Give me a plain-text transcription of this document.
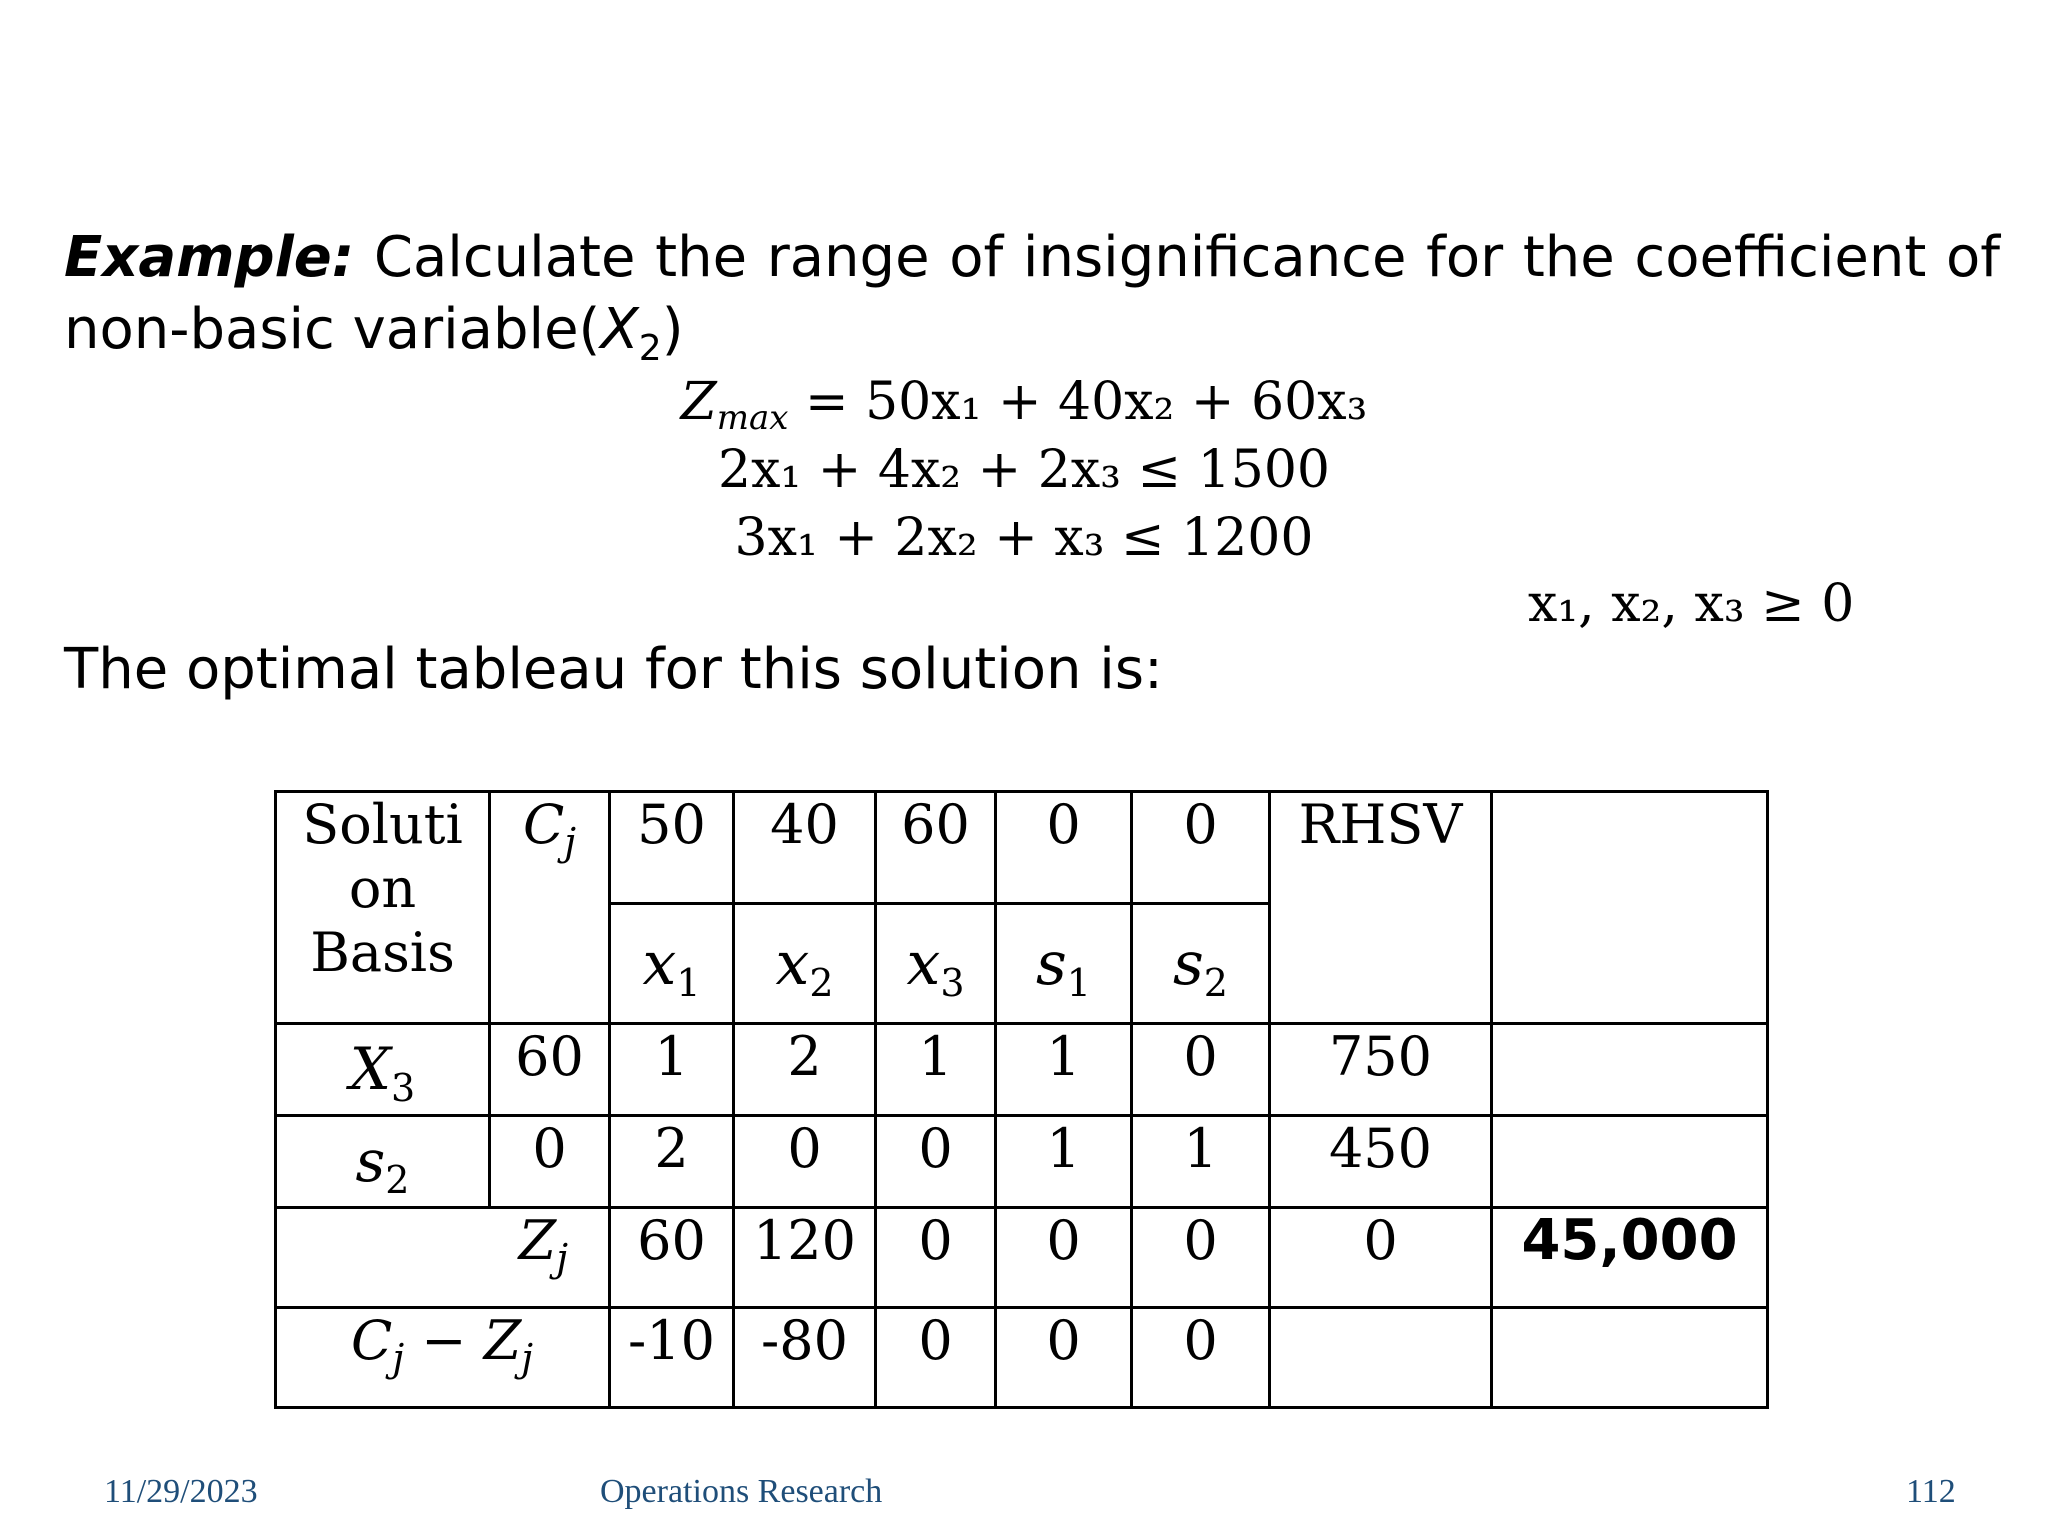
Example: Calculate the range of insignificance for the coefficient of non-basic $variable(X_2)$
$Z_{max} = 50x_1 + 40x_2 + 60x_3$
2x₁ + 4x₂ + 2x₃ ≤ 1500
3x₁ + 2x₂ + x₃ ≤ 1200
x₁, x₂, x₃ ≥ 0
The optimal tableau for this solution is:
Soluti
on
Basis	$C_j$	50	40	60	0	0	RHSV	
		$x_1$	$x_2$	$x_3$	$s_1$	$s_2$
$X_3$	60	1	2	1	1	0	750	
$s_2$	0	2	0	0	1	1	450	
$Z_j$		60	120	0	0	0	0	45,000
$C_j - Z_j$		-10	-80	0	0	0		
11/29/2023	Operations Research	112
